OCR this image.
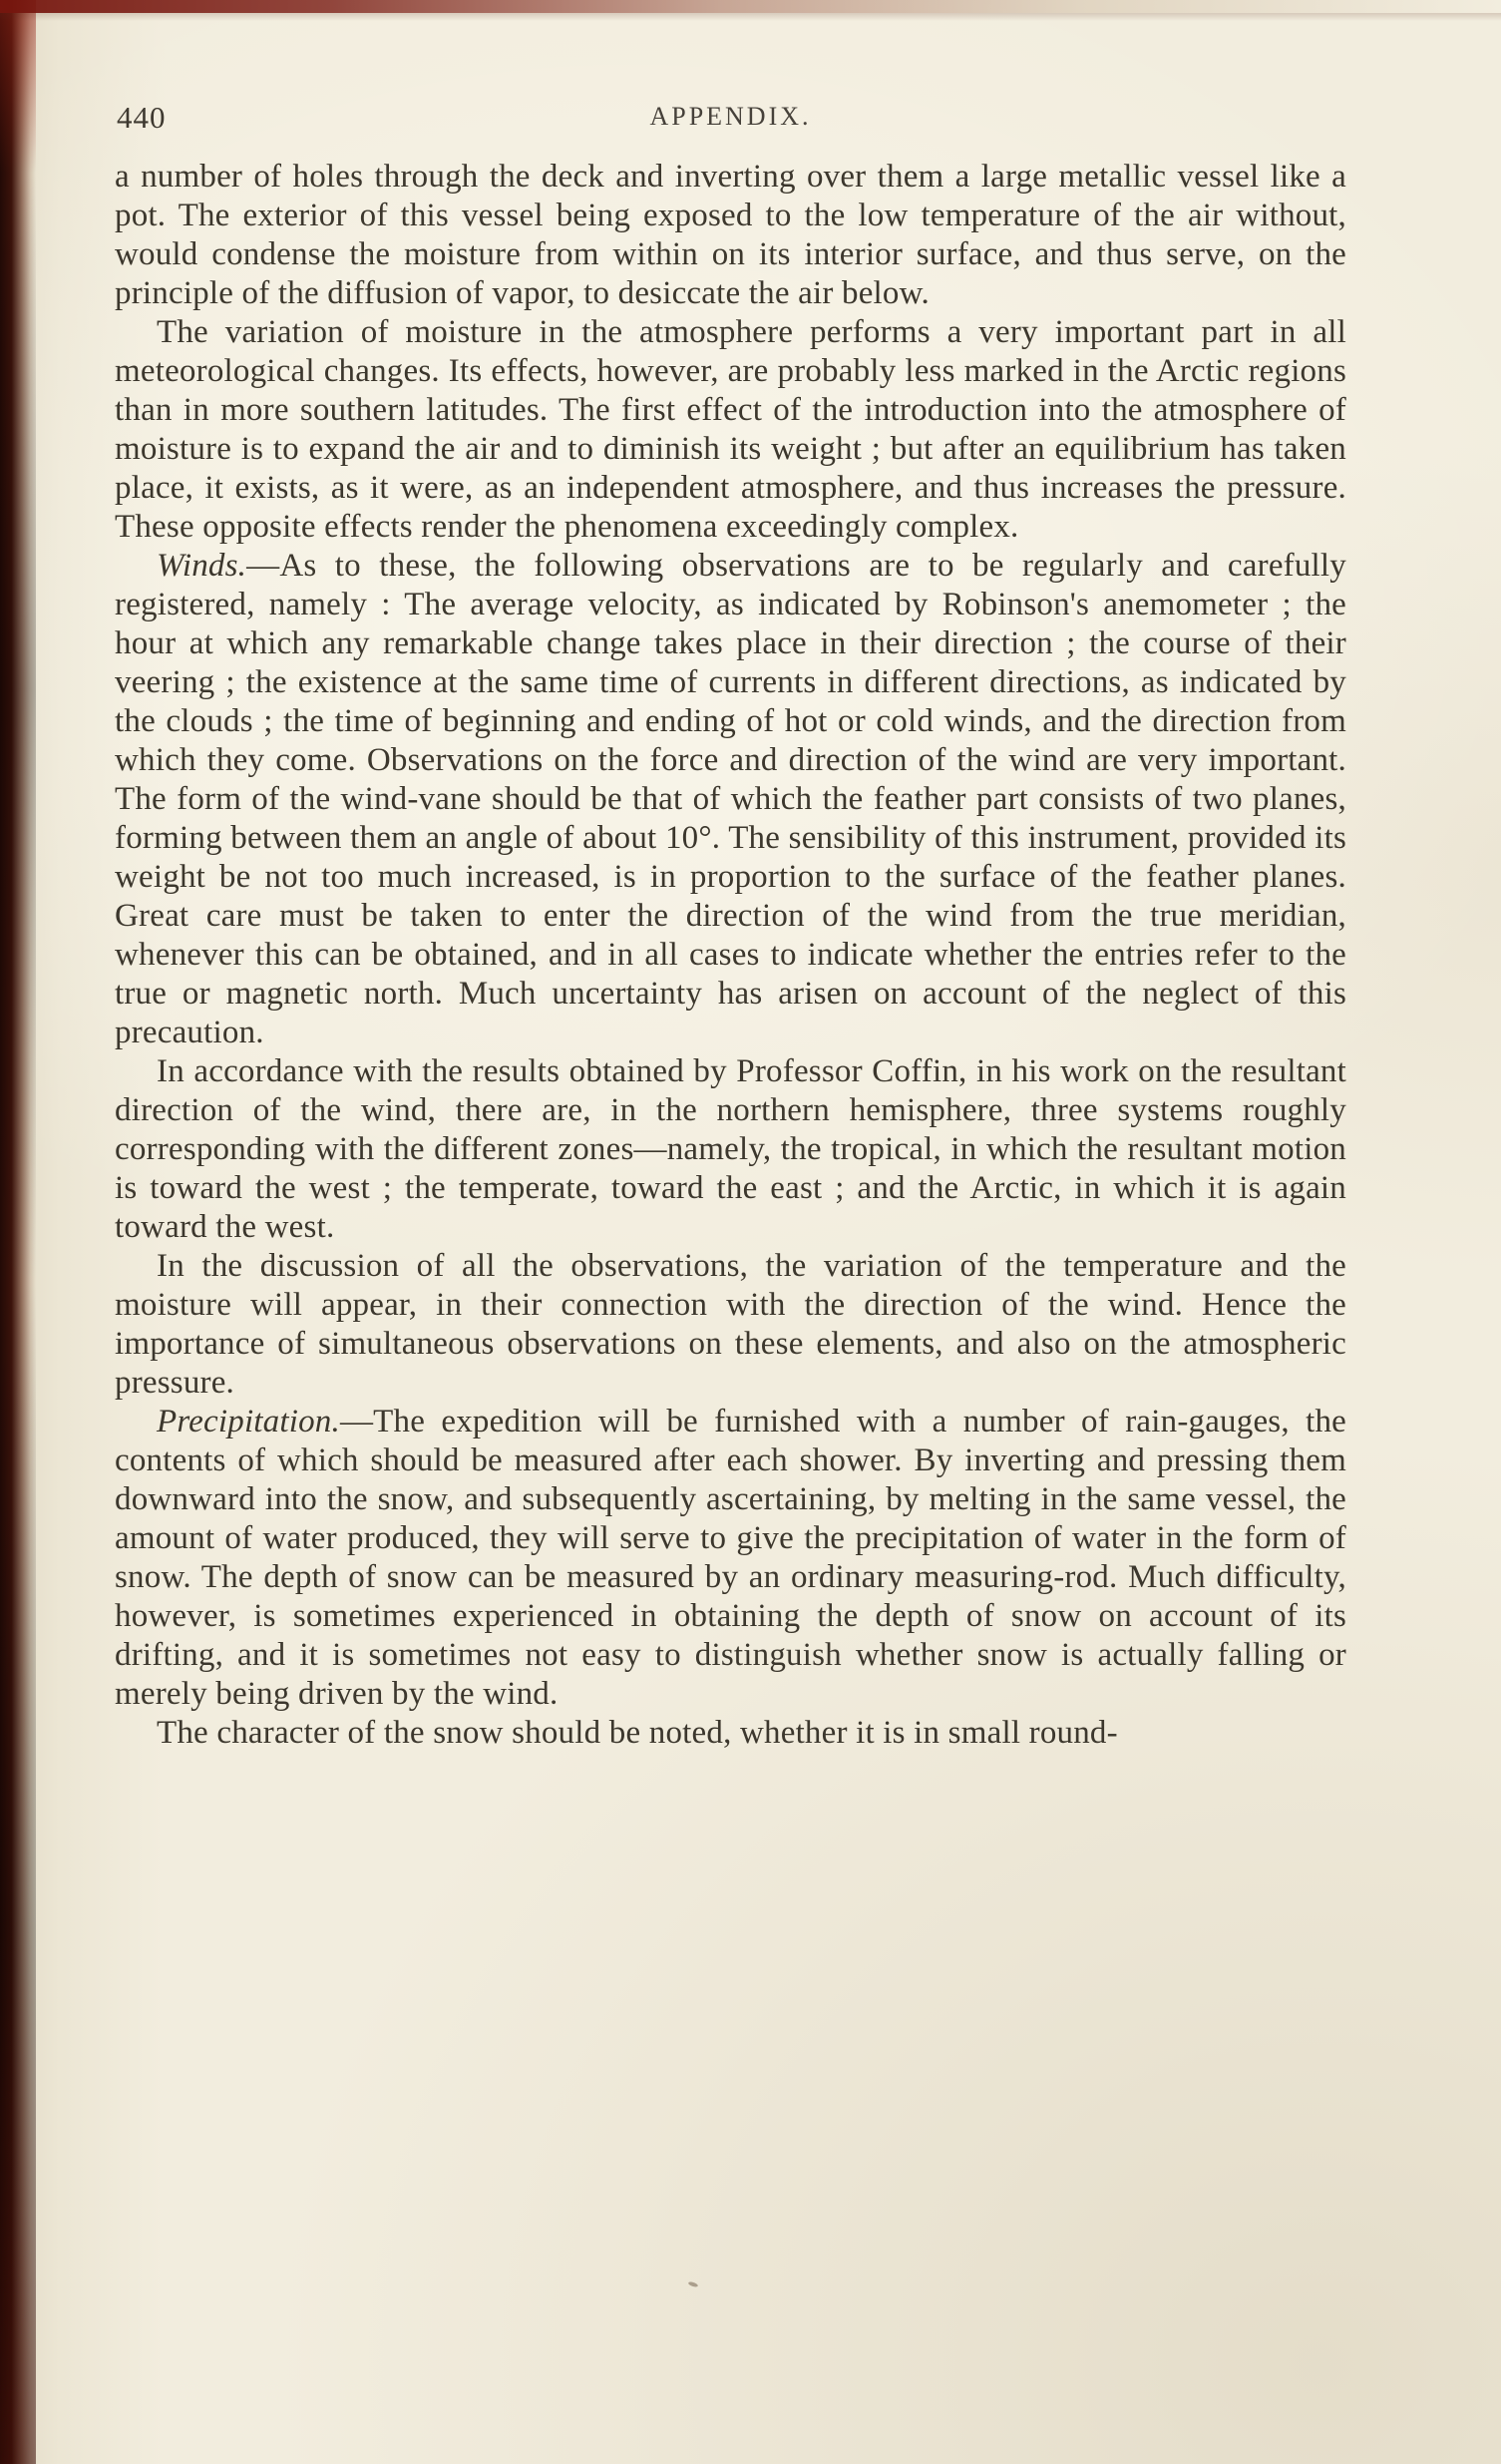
440	APPENDIX.

a number of holes through the deck and inverting over them a large metallic vessel like a pot. The exterior of this vessel being exposed to the low temperature of the air without, would condense the moisture from within on its interior surface, and thus serve, on the principle of the diffusion of vapor, to desiccate the air below.

The variation of moisture in the atmosphere performs a very important part in all meteorological changes. Its effects, however, are probably less marked in the Arctic regions than in more southern latitudes. The first effect of the introduction into the atmosphere of moisture is to expand the air and to diminish its weight ; but after an equilibrium has taken place, it exists, as it were, as an independent atmosphere, and thus increases the pressure. These opposite effects render the phenomena exceedingly complex.

Winds.—As to these, the following observations are to be regularly and carefully registered, namely : The average velocity, as indicated by Robinson's anemometer ; the hour at which any remarkable change takes place in their direction ; the course of their veering ; the existence at the same time of currents in different directions, as indicated by the clouds ; the time of beginning and ending of hot or cold winds, and the direction from which they come. Observations on the force and direction of the wind are very important. The form of the wind-vane should be that of which the feather part consists of two planes, forming between them an angle of about 10°. The sensibility of this instrument, provided its weight be not too much increased, is in proportion to the surface of the feather planes. Great care must be taken to enter the direction of the wind from the true meridian, whenever this can be obtained, and in all cases to indicate whether the entries refer to the true or magnetic north. Much uncertainty has arisen on account of the neglect of this precaution.

In accordance with the results obtained by Professor Coffin, in his work on the resultant direction of the wind, there are, in the northern hemisphere, three systems roughly corresponding with the different zones—namely, the tropical, in which the resultant motion is toward the west ; the temperate, toward the east ; and the Arctic, in which it is again toward the west.

In the discussion of all the observations, the variation of the temperature and the moisture will appear, in their connection with the direction of the wind. Hence the importance of simultaneous observations on these elements, and also on the atmospheric pressure.

Precipitation.—The expedition will be furnished with a number of rain-gauges, the contents of which should be measured after each shower. By inverting and pressing them downward into the snow, and subsequently ascertaining, by melting in the same vessel, the amount of water produced, they will serve to give the precipitation of water in the form of snow. The depth of snow can be measured by an ordinary measuring-rod. Much difficulty, however, is sometimes experienced in obtaining the depth of snow on account of its drifting, and it is sometimes not easy to distinguish whether snow is actually falling or merely being driven by the wind.

The character of the snow should be noted, whether it is in small round-
